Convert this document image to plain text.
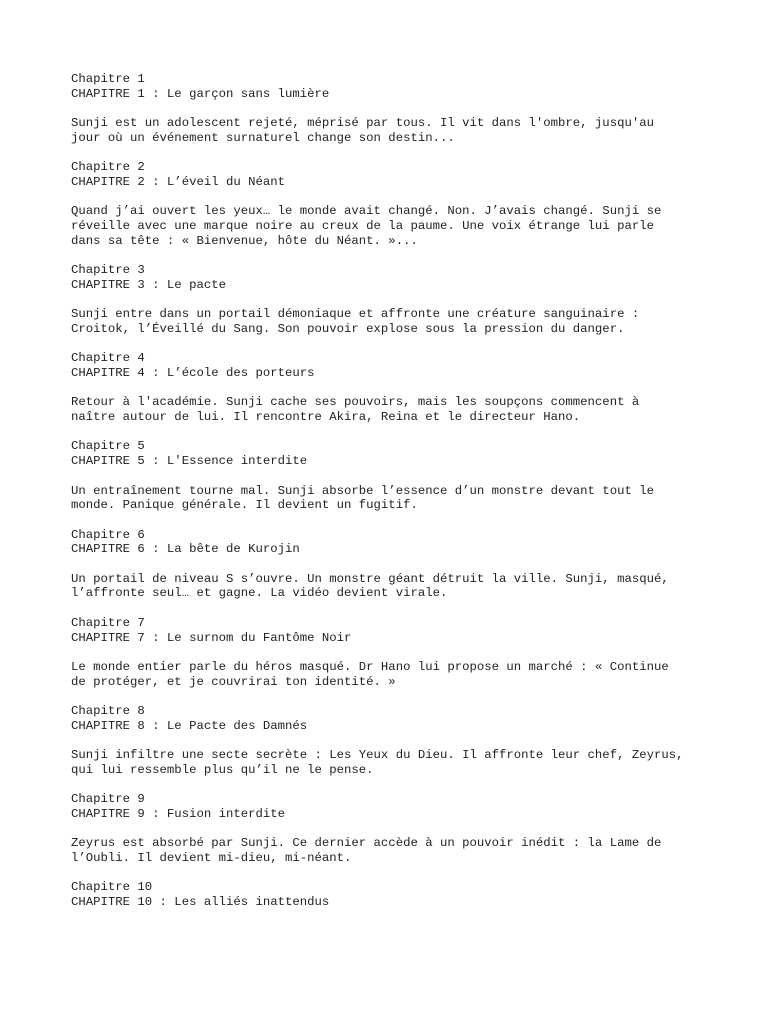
Chapitre 1
CHAPITRE 1 : Le garçon sans lumière
Sunji est un adolescent rejeté, méprisé par tous. Il vit dans l'ombre, jusqu'au
jour où un événement surnaturel change son destin...
Chapitre 2
CHAPITRE 2 : L’éveil du Néant
Quand j’ai ouvert les yeux… le monde avait changé. Non. J’avais changé. Sunji se
réveille avec une marque noire au creux de la paume. Une voix étrange lui parle
dans sa tête : « Bienvenue, hôte du Néant. »...
Chapitre 3
CHAPITRE 3 : Le pacte
Sunji entre dans un portail démoniaque et affronte une créature sanguinaire :
Croitok, l’Éveillé du Sang. Son pouvoir explose sous la pression du danger.
Chapitre 4
CHAPITRE 4 : L’école des porteurs
Retour à l'académie. Sunji cache ses pouvoirs, mais les soupçons commencent à
naître autour de lui. Il rencontre Akira, Reina et le directeur Hano.
Chapitre 5
CHAPITRE 5 : L'Essence interdite
Un entraînement tourne mal. Sunji absorbe l’essence d’un monstre devant tout le
monde. Panique générale. Il devient un fugitif.
Chapitre 6
CHAPITRE 6 : La bête de Kurojin
Un portail de niveau S s’ouvre. Un monstre géant détruit la ville. Sunji, masqué,
l’affronte seul… et gagne. La vidéo devient virale.
Chapitre 7
CHAPITRE 7 : Le surnom du Fantôme Noir
Le monde entier parle du héros masqué. Dr Hano lui propose un marché : « Continue
de protéger, et je couvrirai ton identité. »
Chapitre 8
CHAPITRE 8 : Le Pacte des Damnés
Sunji infiltre une secte secrète : Les Yeux du Dieu. Il affronte leur chef, Zeyrus,
qui lui ressemble plus qu’il ne le pense.
Chapitre 9
CHAPITRE 9 : Fusion interdite
Zeyrus est absorbé par Sunji. Ce dernier accède à un pouvoir inédit : la Lame de
l’Oubli. Il devient mi-dieu, mi-néant.
Chapitre 10
CHAPITRE 10 : Les alliés inattendus
